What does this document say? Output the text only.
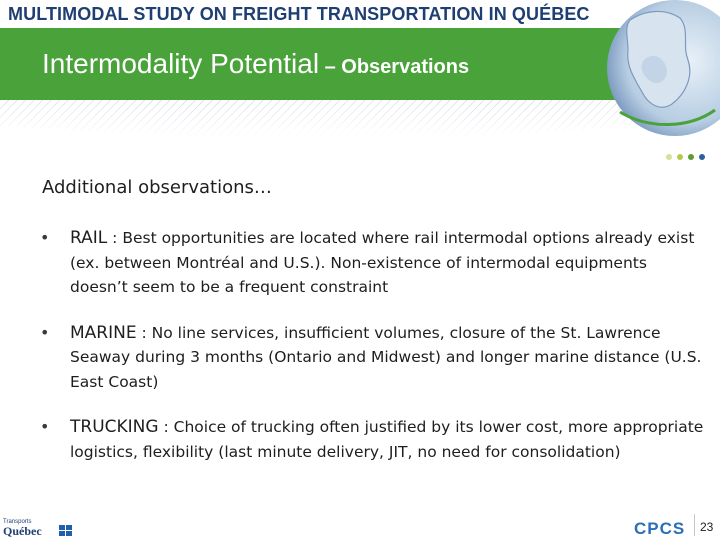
MULTIMODAL STUDY ON FREIGHT TRANSPORTATION IN QUÉBEC
Intermodality Potential – Observations
Additional observations…
• RAIL : Best opportunities are located where rail intermodal options already exist (ex. between Montréal and U.S.). Non-existence of intermodal equipments doesn’t seem to be a frequent constraint
• MARINE : No line services, insufficient volumes, closure of the St. Lawrence Seaway during 3 months (Ontario and Midwest) and longer marine distance (U.S. East Coast)
• TRUCKING : Choice of trucking often justified by its lower cost, more appropriate logistics, flexibility (last minute delivery, JIT, no need for consolidation)
Transports
Québec	CPCS 23
